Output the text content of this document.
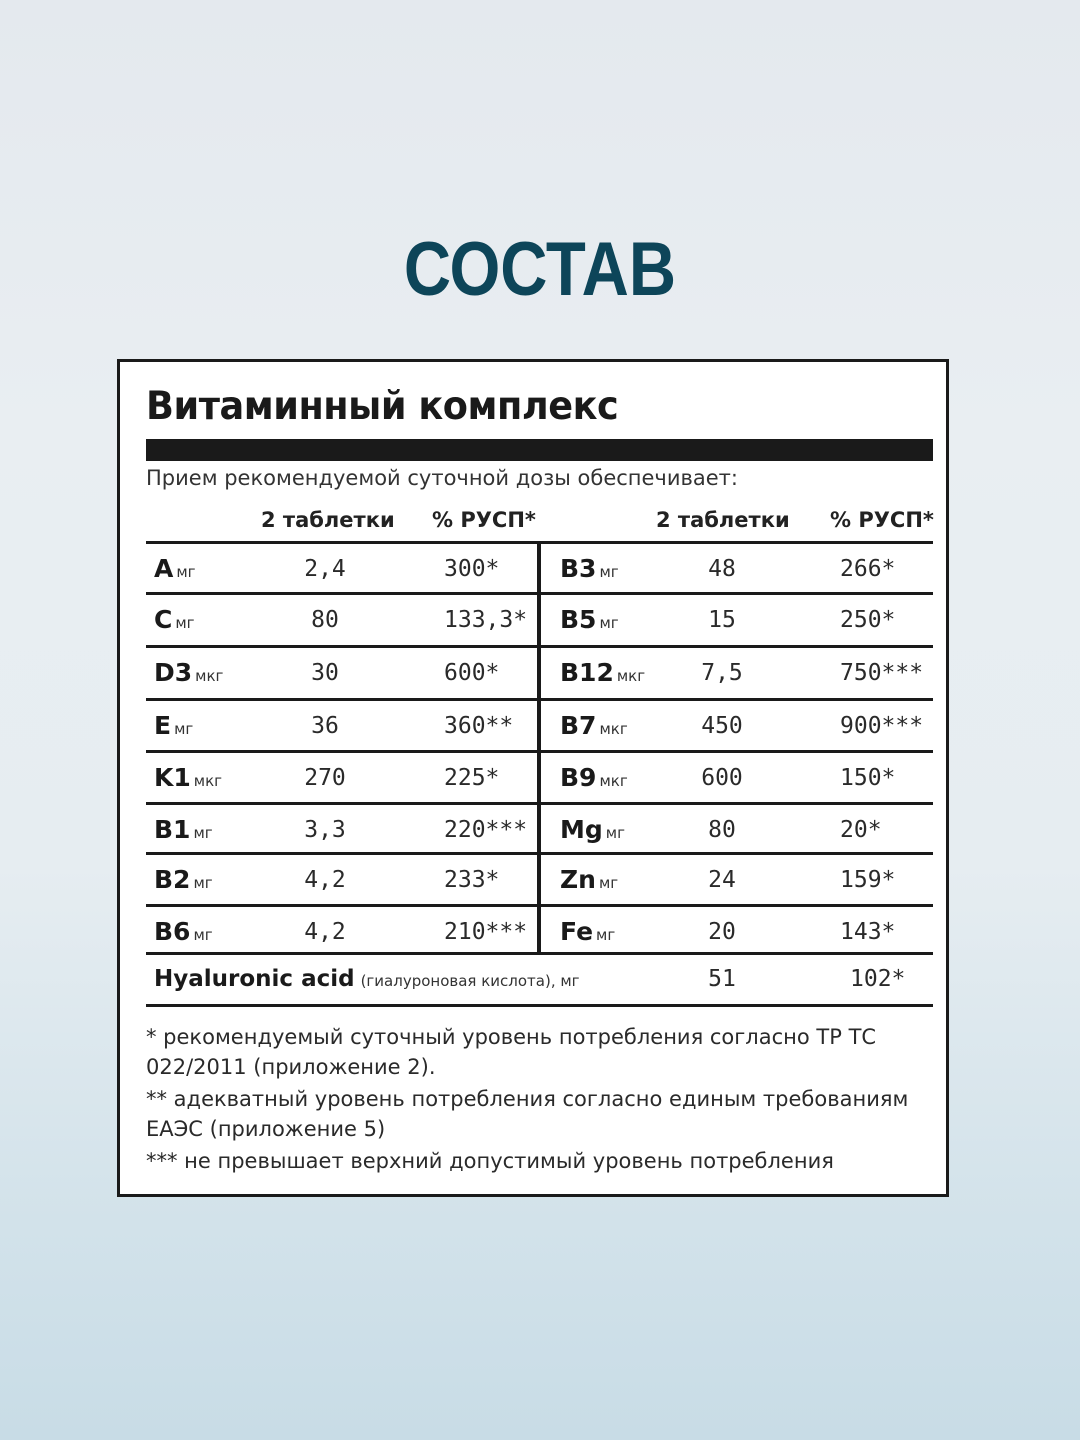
СОСТАВ
Витаминный комплекс
Прием рекомендуемой суточной дозы обеспечивает:
2 таблетки % РУСП*	2 таблетки % РУСП*
Aмг	2,4	300* B3 мг	48	266*
Cмг	80	133,3* B5 мг	15	250*
D3 мкг	30	600* B12 мкг	7,5	750***
Eмг	36	360** B7 мкг	450	900***
K1 мкг	270	225* B9 мкг	600	150*
B1 мг	3,3	220*** Mg мг	80	20*
B2 мг	4,2	233* Zn мг	24	159*
B6 мг	4,2	210*** Fe мг	20	143*
Hyaluronic acid (гиалуроновая кислота), мг	51	102*

* рекомендуемый суточный уровень потребления согласно ТР ТС 022/2011 (приложение 2).

** адекватный уровень потребления согласно единым требованиям ЕАЭС (приложение 5)

*** не превышает верхний допустимый уровень потребления
